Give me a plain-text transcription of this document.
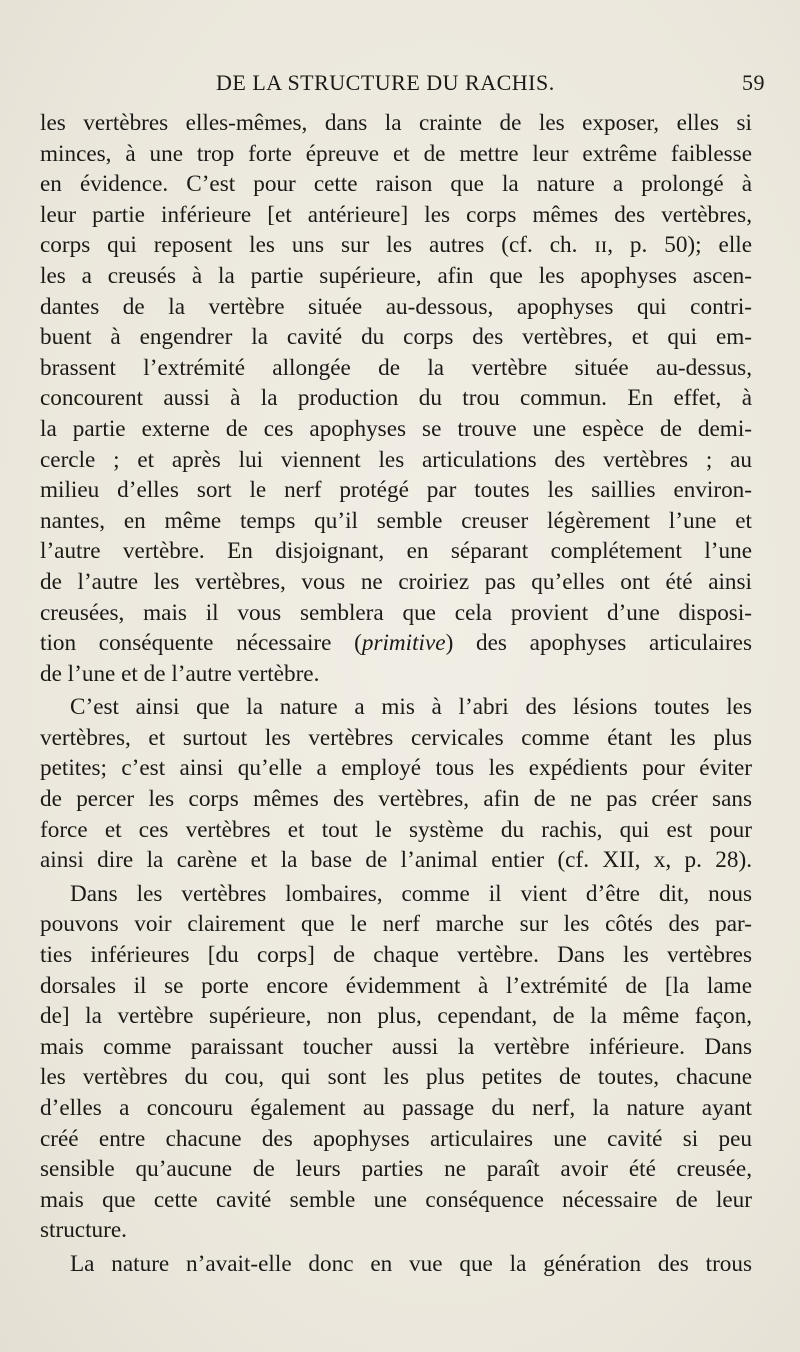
DE LA STRUCTURE DU RACHIS.	59
les vertèbres elles-mêmes, dans la crainte de les exposer, elles si
minces, à une trop forte épreuve et de mettre leur extrême faiblesse
en évidence. C’est pour cette raison que la nature a prolongé à
leur partie inférieure [et antérieure] les corps mêmes des vertèbres,
corps qui reposent les uns sur les autres (cf. ch. ɪɪ, p. 50); elle
les a creusés à la partie supérieure, afin que les apophyses ascen-
dantes de la vertèbre située au-dessous, apophyses qui contri-
buent à engendrer la cavité du corps des vertèbres, et qui em-
brassent l’extrémité allongée de la vertèbre située au-dessus,
concourent aussi à la production du trou commun. En effet, à
la partie externe de ces apophyses se trouve une espèce de demi-
cercle ; et après lui viennent les articulations des vertèbres ; au
milieu d’elles sort le nerf protégé par toutes les saillies environ-
nantes, en même temps qu’il semble creuser légèrement l’une et
l’autre vertèbre. En disjoignant, en séparant complétement l’une
de l’autre les vertèbres, vous ne croiriez pas qu’elles ont été ainsi
creusées, mais il vous semblera que cela provient d’une disposi-
tion conséquente nécessaire (primitive) des apophyses articulaires
de l’une et de l’autre vertèbre.
C’est ainsi que la nature a mis à l’abri des lésions toutes les
vertèbres, et surtout les vertèbres cervicales comme étant les plus
petites; c’est ainsi qu’elle a employé tous les expédients pour éviter
de percer les corps mêmes des vertèbres, afin de ne pas créer sans
force et ces vertèbres et tout le système du rachis, qui est pour
ainsi dire la carène et la base de l’animal entier (cf. XII, x, p. 28).
Dans les vertèbres lombaires, comme il vient d’être dit, nous
pouvons voir clairement que le nerf marche sur les côtés des par-
ties inférieures [du corps] de chaque vertèbre. Dans les vertèbres
dorsales il se porte encore évidemment à l’extrémité de [la lame
de] la vertèbre supérieure, non plus, cependant, de la même façon,
mais comme paraissant toucher aussi la vertèbre inférieure. Dans
les vertèbres du cou, qui sont les plus petites de toutes, chacune
d’elles a concouru également au passage du nerf, la nature ayant
créé entre chacune des apophyses articulaires une cavité si peu
sensible qu’aucune de leurs parties ne paraît avoir été creusée,
mais que cette cavité semble une conséquence nécessaire de leur
structure.
La nature n’avait-elle donc en vue que la génération des trous
